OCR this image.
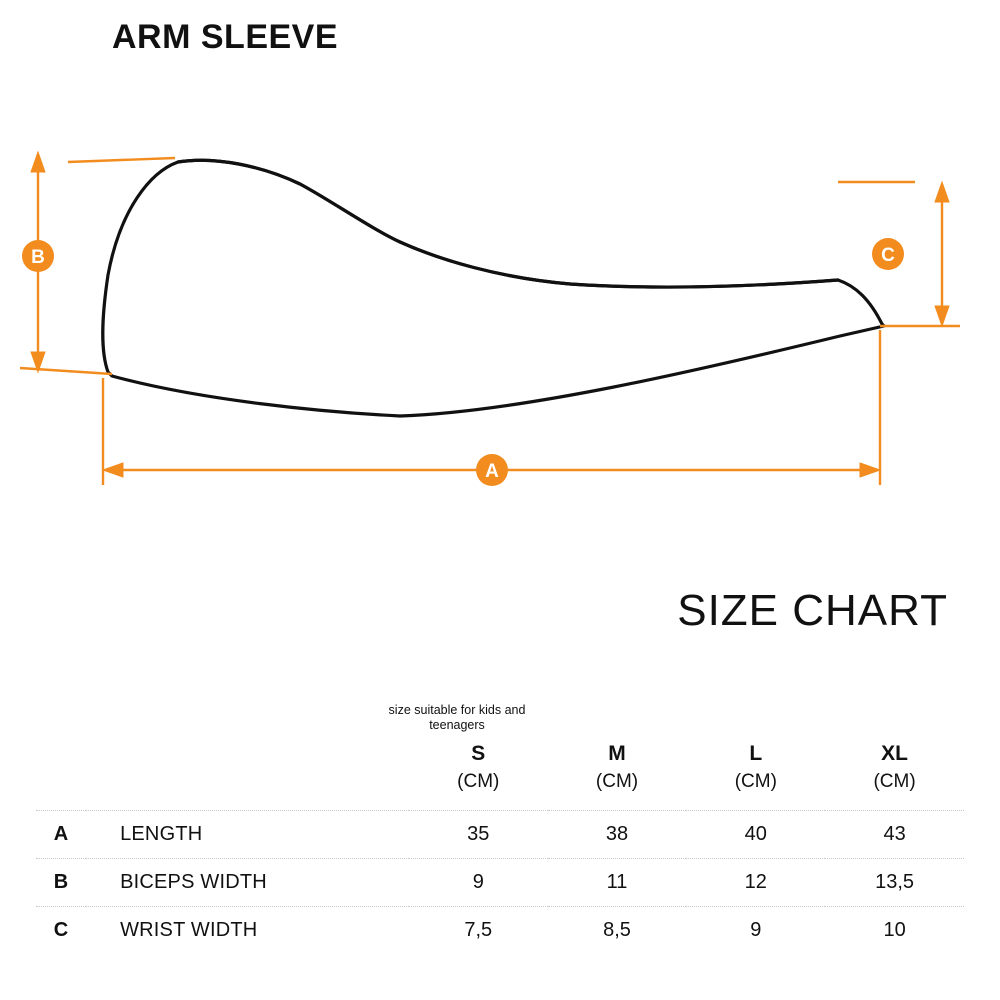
ARM SLEEVE
B	C
A
SIZE CHART
size suitable for kids and teenagers
		S	M	L	XL
		(CM)	(CM)	(CM)	(CM)
A	LENGTH	35	38	40	43
B	BICEPS WIDTH	9	11	12	13,5
C	WRIST WIDTH	7,5	8,5	9	10
